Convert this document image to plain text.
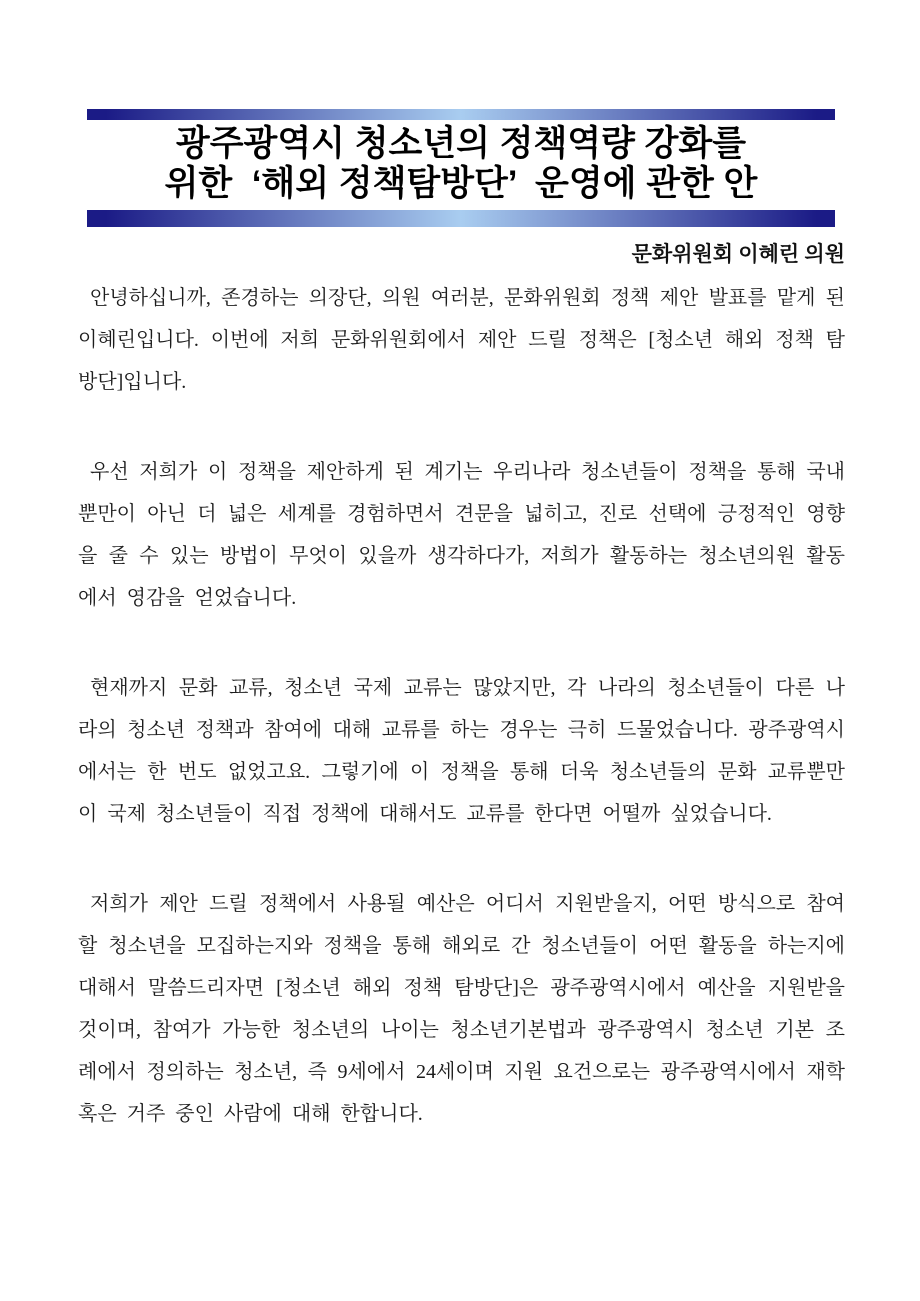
광주광역시 청소년의 정책역량 강화를
위한  ‘해외 정책탐방단’  운영에 관한 안

문화위원회 이혜린 의원

안녕하십니까, 존경하는 의장단, 의원 여러분, 문화위원회 정책 제안 발표를 맡게 된 이혜린입니다. 이번에 저희 문화위원회에서 제안 드릴 정책은 [청소년 해외 정책 탐방단]입니다.

우선 저희가 이 정책을 제안하게 된 계기는 우리나라 청소년들이 정책을 통해 국내뿐만이 아닌 더 넓은 세계를 경험하면서 견문을 넓히고, 진로 선택에 긍정적인 영향을 줄 수 있는 방법이 무엇이 있을까 생각하다가, 저희가 활동하는 청소년의원 활동에서 영감을 얻었습니다.

현재까지 문화 교류, 청소년 국제 교류는 많았지만, 각 나라의 청소년들이 다른 나라의 청소년 정책과 참여에 대해 교류를 하는 경우는 극히 드물었습니다. 광주광역시에서는 한 번도 없었고요. 그렇기에 이 정책을 통해 더욱 청소년들의 문화 교류뿐만이 국제 청소년들이 직접 정책에 대해서도 교류를 한다면 어떨까 싶었습니다.

저희가 제안 드릴 정책에서 사용될 예산은 어디서 지원받을지, 어떤 방식으로 참여할 청소년을 모집하는지와 정책을 통해 해외로 간 청소년들이 어떤 활동을 하는지에 대해서 말씀드리자면 [청소년 해외 정책 탐방단]은 광주광역시에서 예산을 지원받을 것이며, 참여가 가능한 청소년의 나이는 청소년기본법과 광주광역시 청소년 기본 조례에서 정의하는 청소년, 즉 9세에서 24세이며 지원 요건으로는 광주광역시에서 재학 혹은 거주 중인 사람에 대해 한합니다.
